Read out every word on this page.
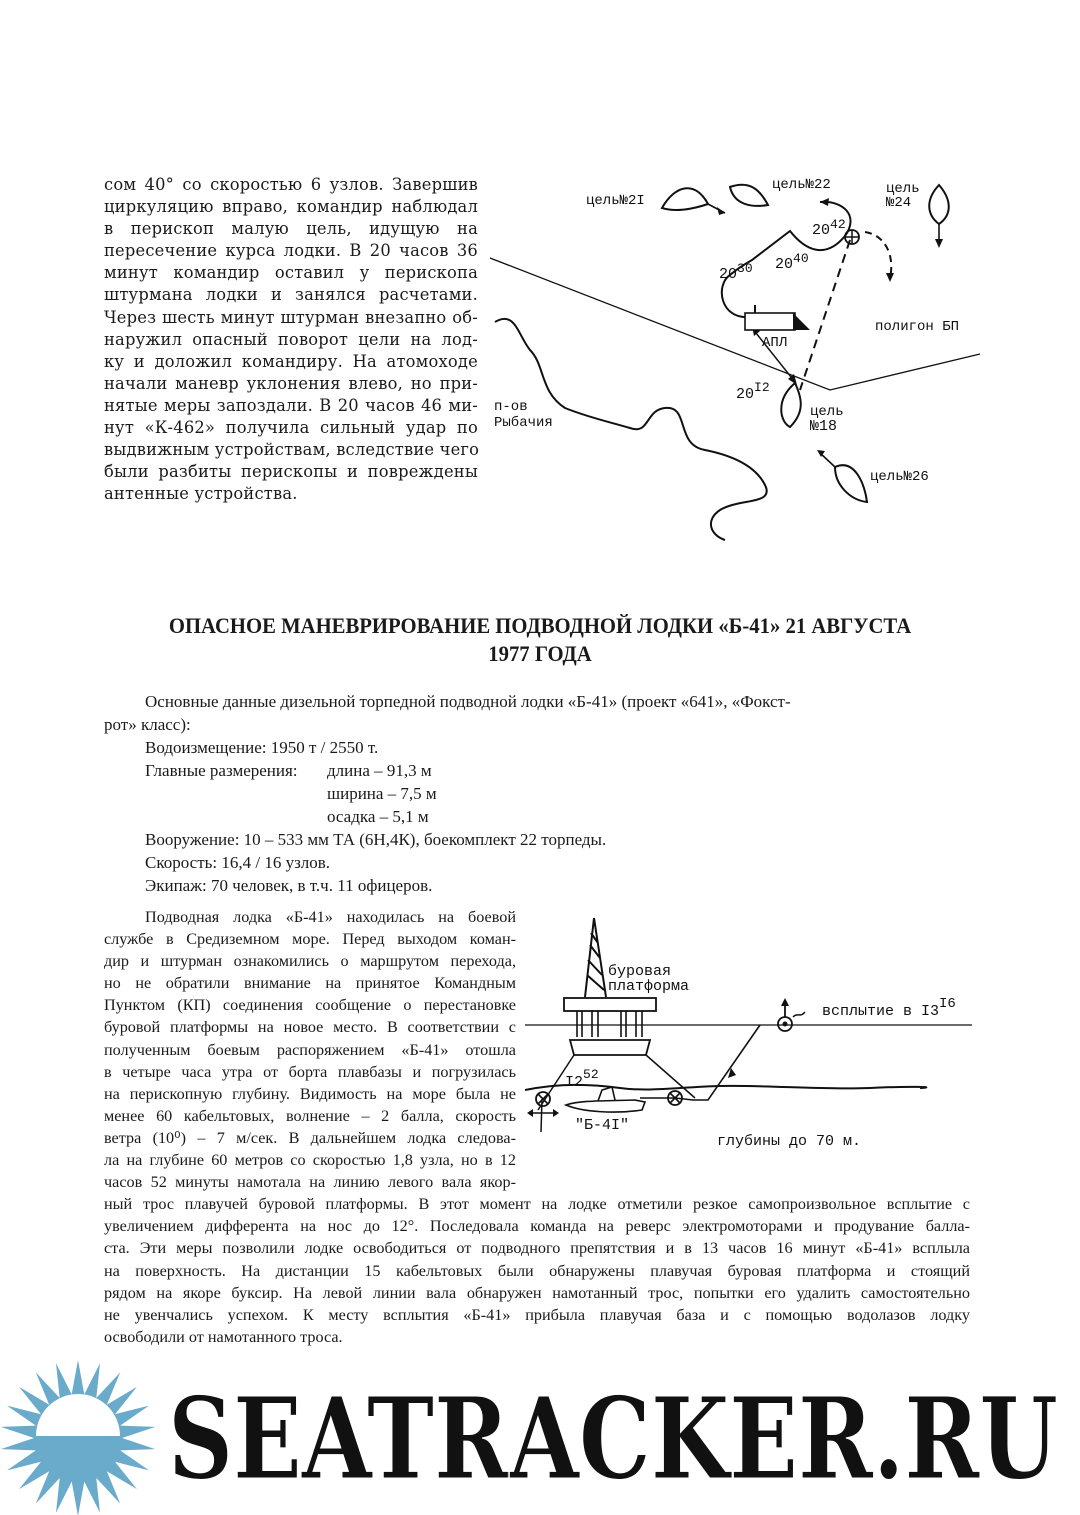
сом 40° со скоростью 6 узлов. Завершив
циркуляцию вправо, командир наблюдал
в перископ малую цель, идущую на
пересечение курса лодки. В 20 часов 36
минут командир оставил у перископа
штурмана лодки и занялся расчетами.
Через шесть минут штурман внезапно об-
наружил опасный поворот цели на лод-
ку и доложил командиру. На атомоходе
начали маневр уклонения влево, но при-
нятые меры запоздали. В 20 часов 46 ми-
нут «К-462» получила сильный удар по
выдвижным устройствам, вследствие чего
были разбиты перископы и повреждены
антенные устройства.
цель№2I
цель№22	цель
№24
цель
№18
цель№26
полигон БП
п-ов
Рыбачия
АПЛ
2030 2040
2042
20I2
ОПАСНОЕ МАНЕВРИРОВАНИЕ ПОДВОДНОЙ ЛОДКИ «Б-41» 21 АВГУСТА
1977 ГОДА
Основные данные дизельной торпедной подводной лодки «Б-41» (проект «641», «Фокст-
рот» класс):
Водоизмещение: 1950 т / 2550 т.
Главные размерения: длина – 91,3 м
ширина – 7,5 м
осадка – 5,1 м
Вооружение: 10 – 533 мм ТА (6Н,4К), боекомплект 22 торпеды.
Скорость: 16,4 / 16 узлов.
Экипаж: 70 человек, в т.ч. 11 офицеров.
Подводная лодка «Б-41» находилась на боевой
службе в Средиземном море. Перед выходом коман-
дир и штурман ознакомились о маршрутом перехода,
но не обратили внимание на принятое Командным
Пунктом (КП) соединения сообщение о перестановке
буровой платформы на новое место. В соответствии с
полученным боевым распоряжением «Б-41» отошла
в четыре часа утра от борта плавбазы и погрузилась
на перископную глубину. Видимость на море была не
менее 60 кабельтовых, волнение – 2 балла, скорость
ветра (10⁰) – 7 м/сек. В дальнейшем лодка следова-
ла на глубине 60 метров со скоростью 1,8 узла, но в 12
часов 52 минуты намотала на линию левого вала якор-
ный трос плавучей буровой платформы. В этот момент на лодке отметили резкое самопроизвольное всплытие с
увеличением дифферента на нос до 12°. Последовала команда на реверс электромоторами и продувание балла-
ста. Эти меры позволили лодке освободиться от подводного препятствия и в 13 часов 16 минут «Б-41» всплыла
на поверхность. На дистанции 15 кабельтовых были обнаружены плавучая буровая платформа и стоящий
рядом на якоре буксир. На левой линии вала обнаружен намотанный трос, попытки его удалить самостоятельно
не увенчались успехом. К месту всплытия «Б-41» прибыла плавучая база и с помощью водолазов лодку
освободили от намотанного троса.
буровая
платформа
всплытие в I3I6
I252
"Б-4I"
глубины до 70 м.
SEATRACKER.RU
